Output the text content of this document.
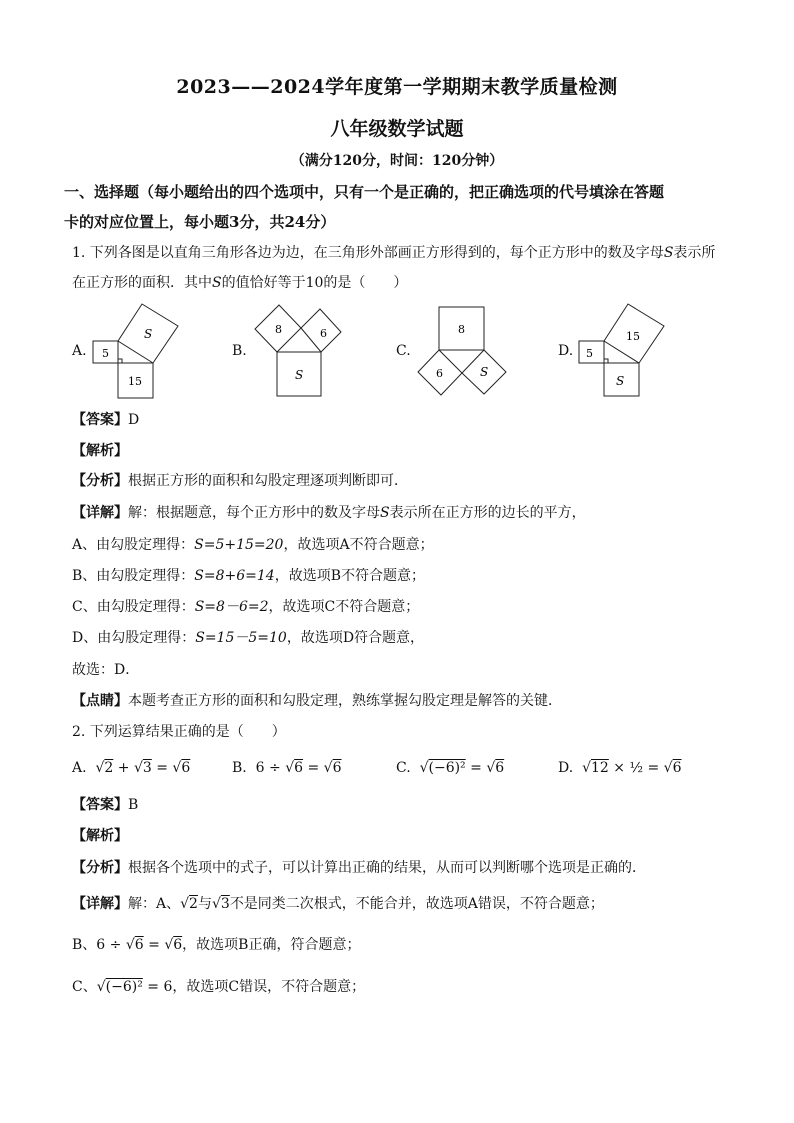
2023——2024学年度第一学期期末教学质量检测
八年级数学试题
（满分120分，时间：120分钟）
一、选择题（每小题给出的四个选项中，只有一个是正确的，把正确选项的代号填涂在答题
卡的对应位置上，每小题3分，共24分）
1. 下列各图是以直角三角形各边为边，在三角形外部画正方形得到的，每个正方形中的数及字母S表示所
在正方形的面积．其中S的值恰好等于10的是（　　）
A. 5
S
15
B.
8	6
S
C.
8
6	S
D. 5
15
S
【答案】D
【解析】
【分析】根据正方形的面积和勾股定理逐项判断即可．
【详解】解：根据题意，每个正方形中的数及字母S表示所在正方形的边长的平方，
A、由勾股定理得：S=5+15=20，故选项A不符合题意；
B、由勾股定理得：S=8+6=14，故选项B不符合题意；
C、由勾股定理得：S=8－6=2，故选项C不符合题意；
D、由勾股定理得：S=15－5=10，故选项D符合题意，
故选：D．
【点睛】本题考查正方形的面积和勾股定理，熟练掌握勾股定理是解答的关键．
2. 下列运算结果正确的是（　　）
A.  √2 + √3 = √6	B.  6 ÷ √6 = √6	C.  √(−6)² = √6	D.  √12 × ½ = √6
【答案】B
【解析】
【分析】根据各个选项中的式子，可以计算出正确的结果，从而可以判断哪个选项是正确的．
【详解】解：A、√2与√3不是同类二次根式，不能合并，故选项A错误，不符合题意；
B、6 ÷ √6 = √6，故选项B正确，符合题意；
C、√(−6)² = 6，故选项C错误，不符合题意；
